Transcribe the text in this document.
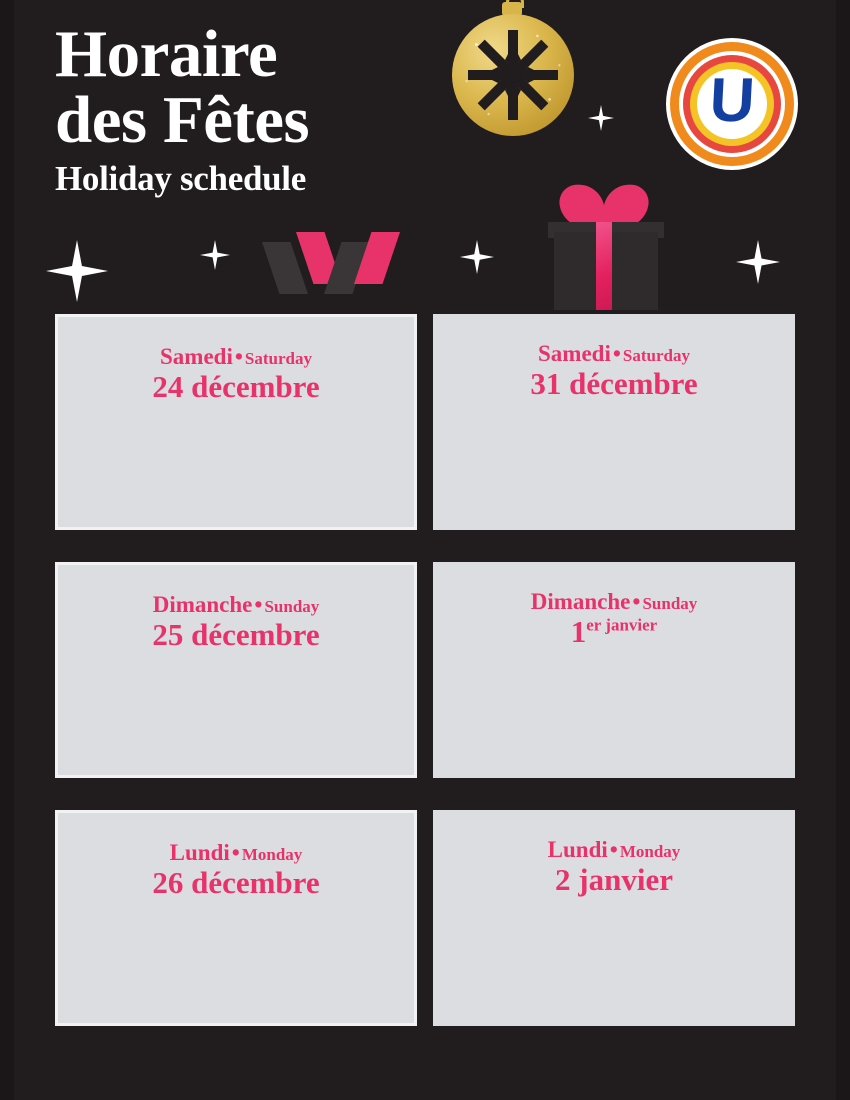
Horaire
des Fêtes
Holiday schedule
U
Samedi• Saturday
24 décembre
Samedi• Saturday
31 décembre
Dimanche• Sunday
25 décembre
Dimanche• Sunday
$1^{er janvier}$
Lundi• Monday
26 décembre
Lundi• Monday
2 janvier
